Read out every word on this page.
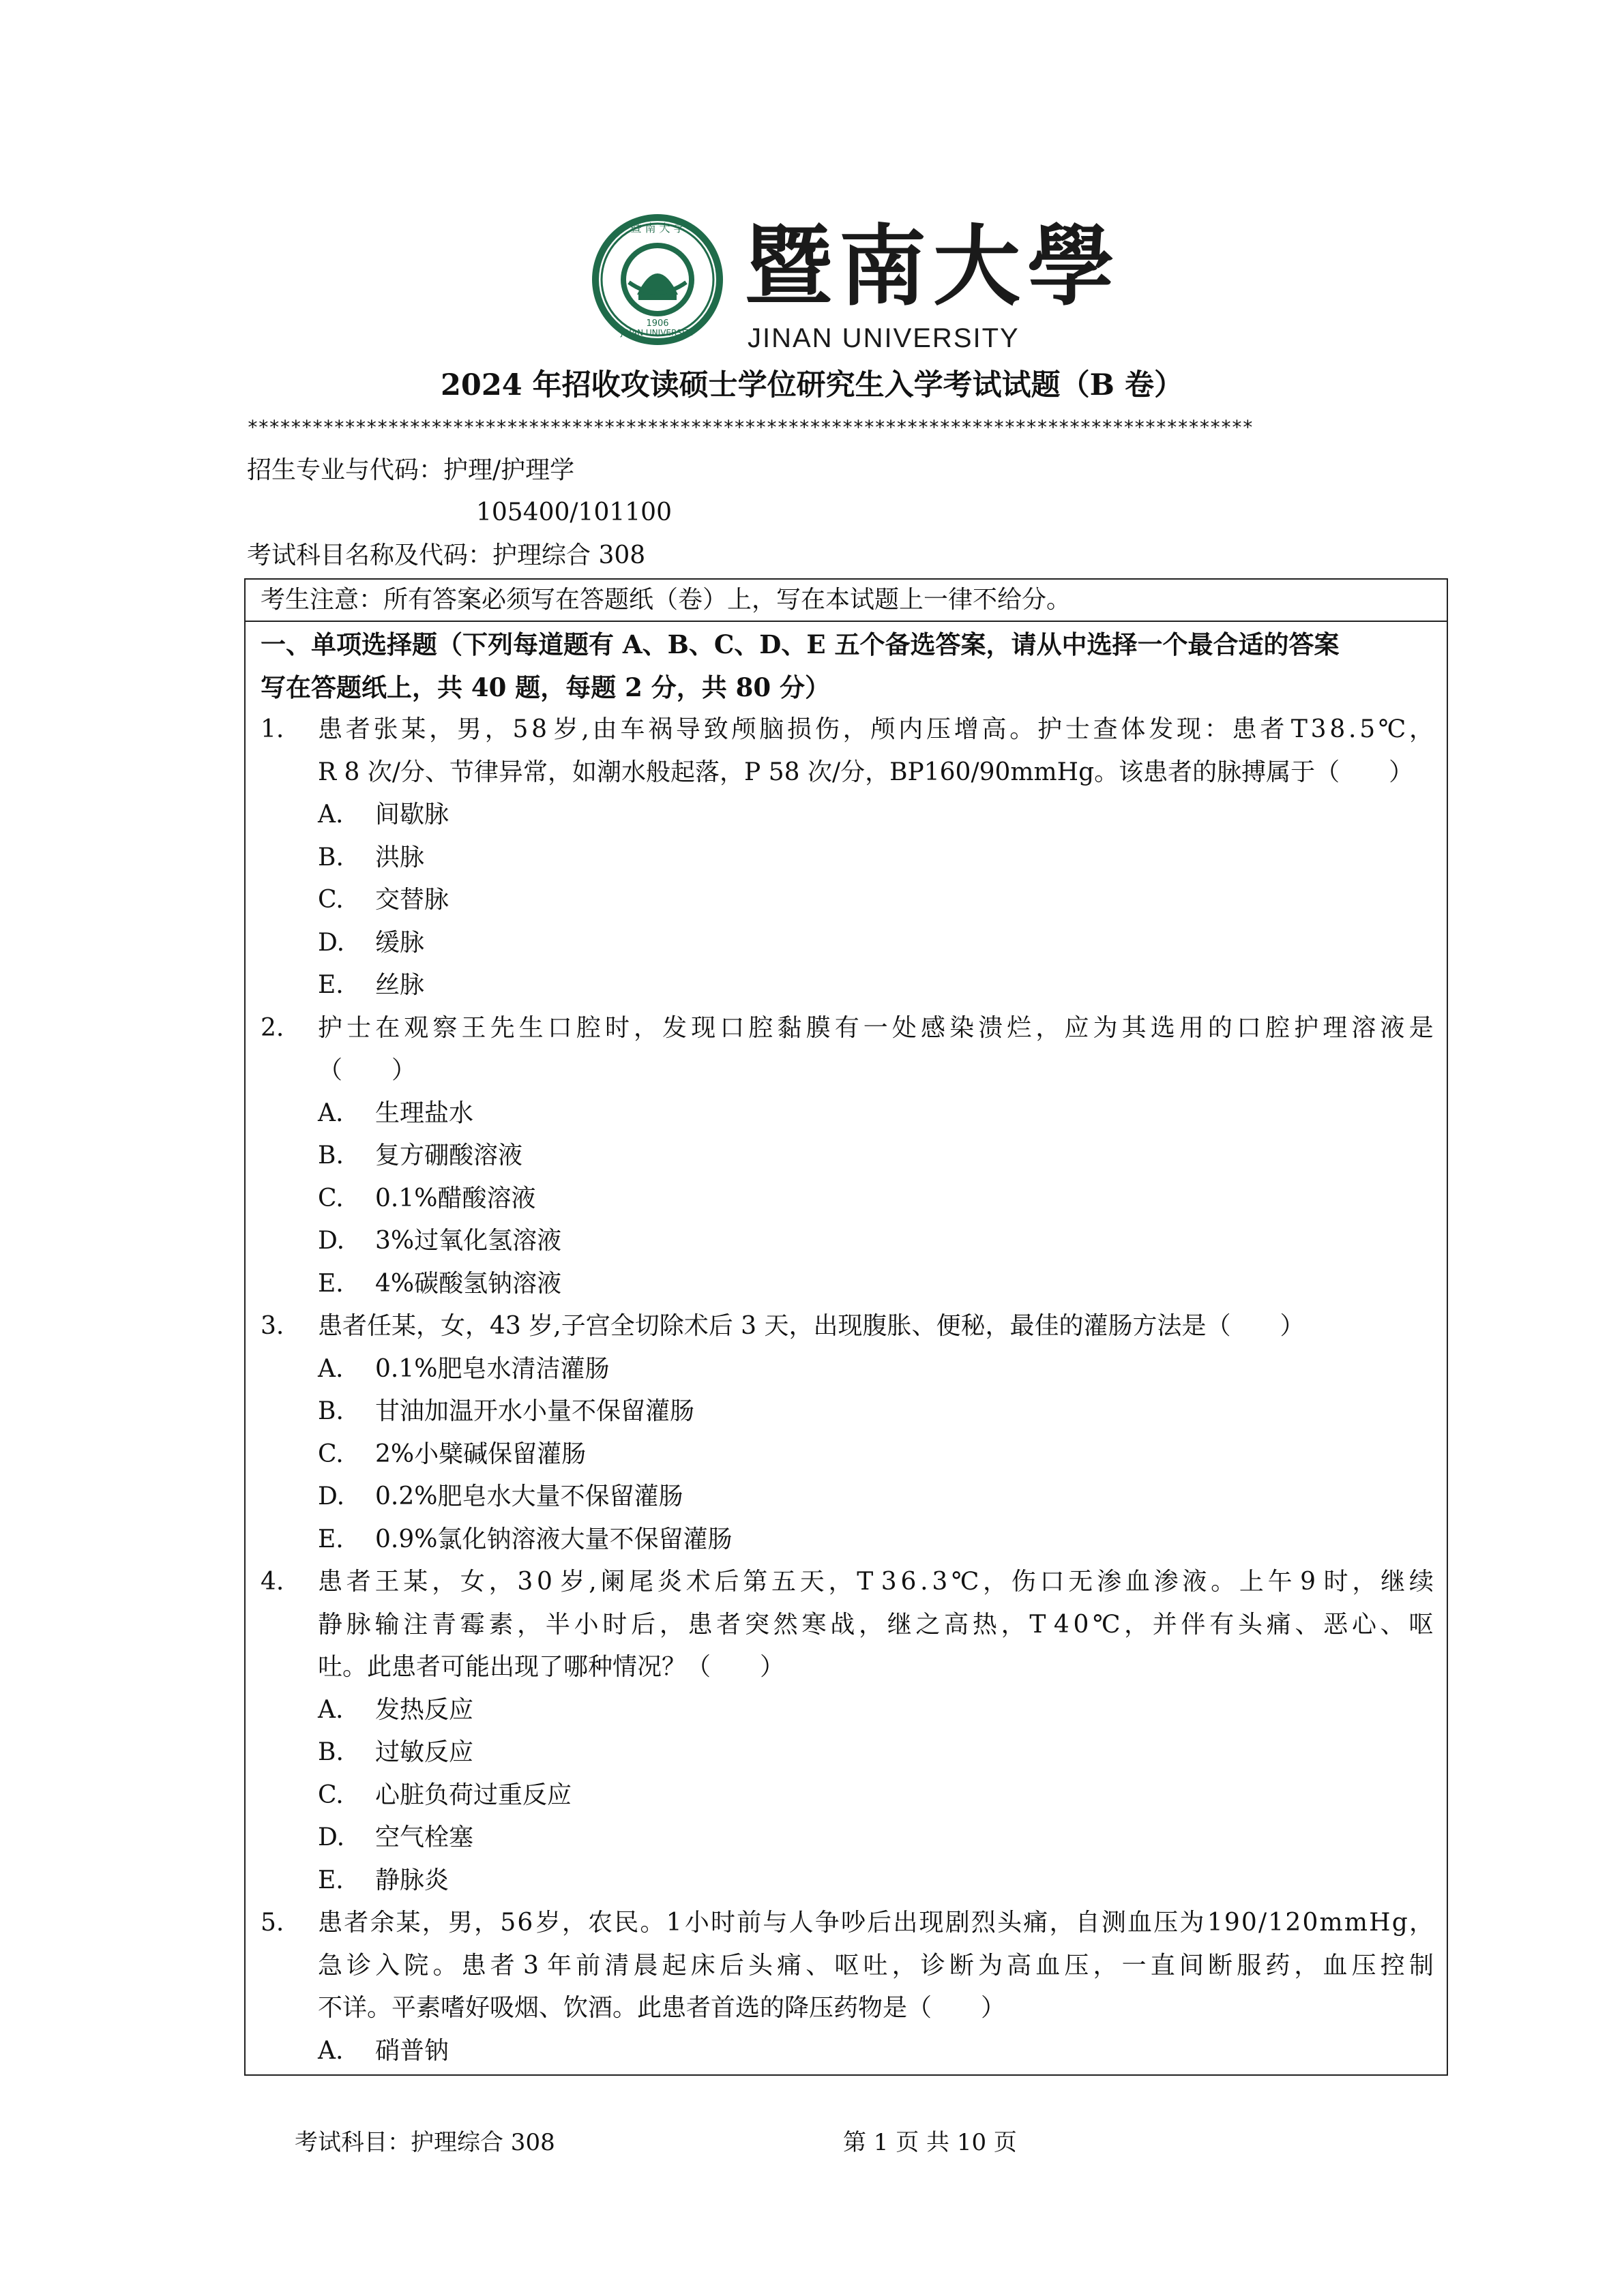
暨 南 大 学
JINAN UNIVERSITY
1906
暨南大學
JINAN UNIVERSITY
2024 年招收攻读硕士学位研究生入学考试试题（B 卷）
*********************************************************************************************
招生专业与代码：护理/护理学
105400/101100
考试科目名称及代码：护理综合 308
考生注意：所有答案必须写在答题纸（卷）上，写在本试题上一律不给分。
一、单项选择题（下列每道题有 A、B、C、D、E 五个备选答案，请从中选择一个最合适的答案
写在答题纸上，共 40 题，每题 2 分，共 80 分）
1. 患 者 张 某 ， 男 ， 5 8 岁 , 由 车 祸 导 致 颅 脑 损 伤 ， 颅 内 压 增 高 。 护 士 查 体 发 现 ： 患 者 T 3 8 . 5 ℃ ，
R 8 次/分、节律异常，如潮水般起落，P 58 次/分，BP160/90mmHg。该患者的脉搏属于（　　）
A. 间歇脉
B. 洪脉
C. 交替脉
D. 缓脉
E. 丝脉
2. 护 士 在 观 察 王 先 生 口 腔 时 ， 发 现 口 腔 黏 膜 有 一 处 感 染 溃 烂 ， 应 为 其 选 用 的 口 腔 护 理 溶 液 是
（　　）
A. 生理盐水
B. 复方硼酸溶液
C. 0.1%醋酸溶液
D. 3%过氧化氢溶液
E. 4%碳酸氢钠溶液
3. 患者任某，女，43 岁,子宫全切除术后 3 天，出现腹胀、便秘，最佳的灌肠方法是（　　）
A. 0.1%肥皂水清洁灌肠
B. 甘油加温开水小量不保留灌肠
C. 2%小檗碱保留灌肠
D. 0.2%肥皂水大量不保留灌肠
E. 0.9%氯化钠溶液大量不保留灌肠
4. 患 者 王 某 ， 女 ， 3 0 岁 , 阑 尾 炎 术 后 第 五 天 ， T 3 6 . 3 ℃ ， 伤 口 无 渗 血 渗 液 。 上 午 9 时 ， 继 续
静 脉 输 注 青 霉 素 ， 半 小 时 后 ， 患 者 突 然 寒 战 ， 继 之 高 热 ， T 4 0 ℃ ， 并 伴 有 头 痛 、 恶 心 、 呕
吐。此患者可能出现了哪种情况？（　　）
A. 发热反应
B. 过敏反应
C. 心脏负荷过重反应
D. 空气栓塞
E. 静脉炎
5. 患 者 余 某 ， 男 ， 5 6 岁 ， 农 民 。 1 小 时 前 与 人 争 吵 后 出 现 剧 烈 头 痛 ， 自 测 血 压 为 1 9 0 / 1 2 0 m m H g ，
急 诊 入 院 。 患 者 3 年 前 清 晨 起 床 后 头 痛 、 呕 吐 ， 诊 断 为 高 血 压 ， 一 直 间 断 服 药 ， 血 压 控 制
不详。平素嗜好吸烟、饮酒。此患者首选的降压药物是（　　）
A. 硝普钠
考试科目：护理综合 308	第 1 页 共 10 页
